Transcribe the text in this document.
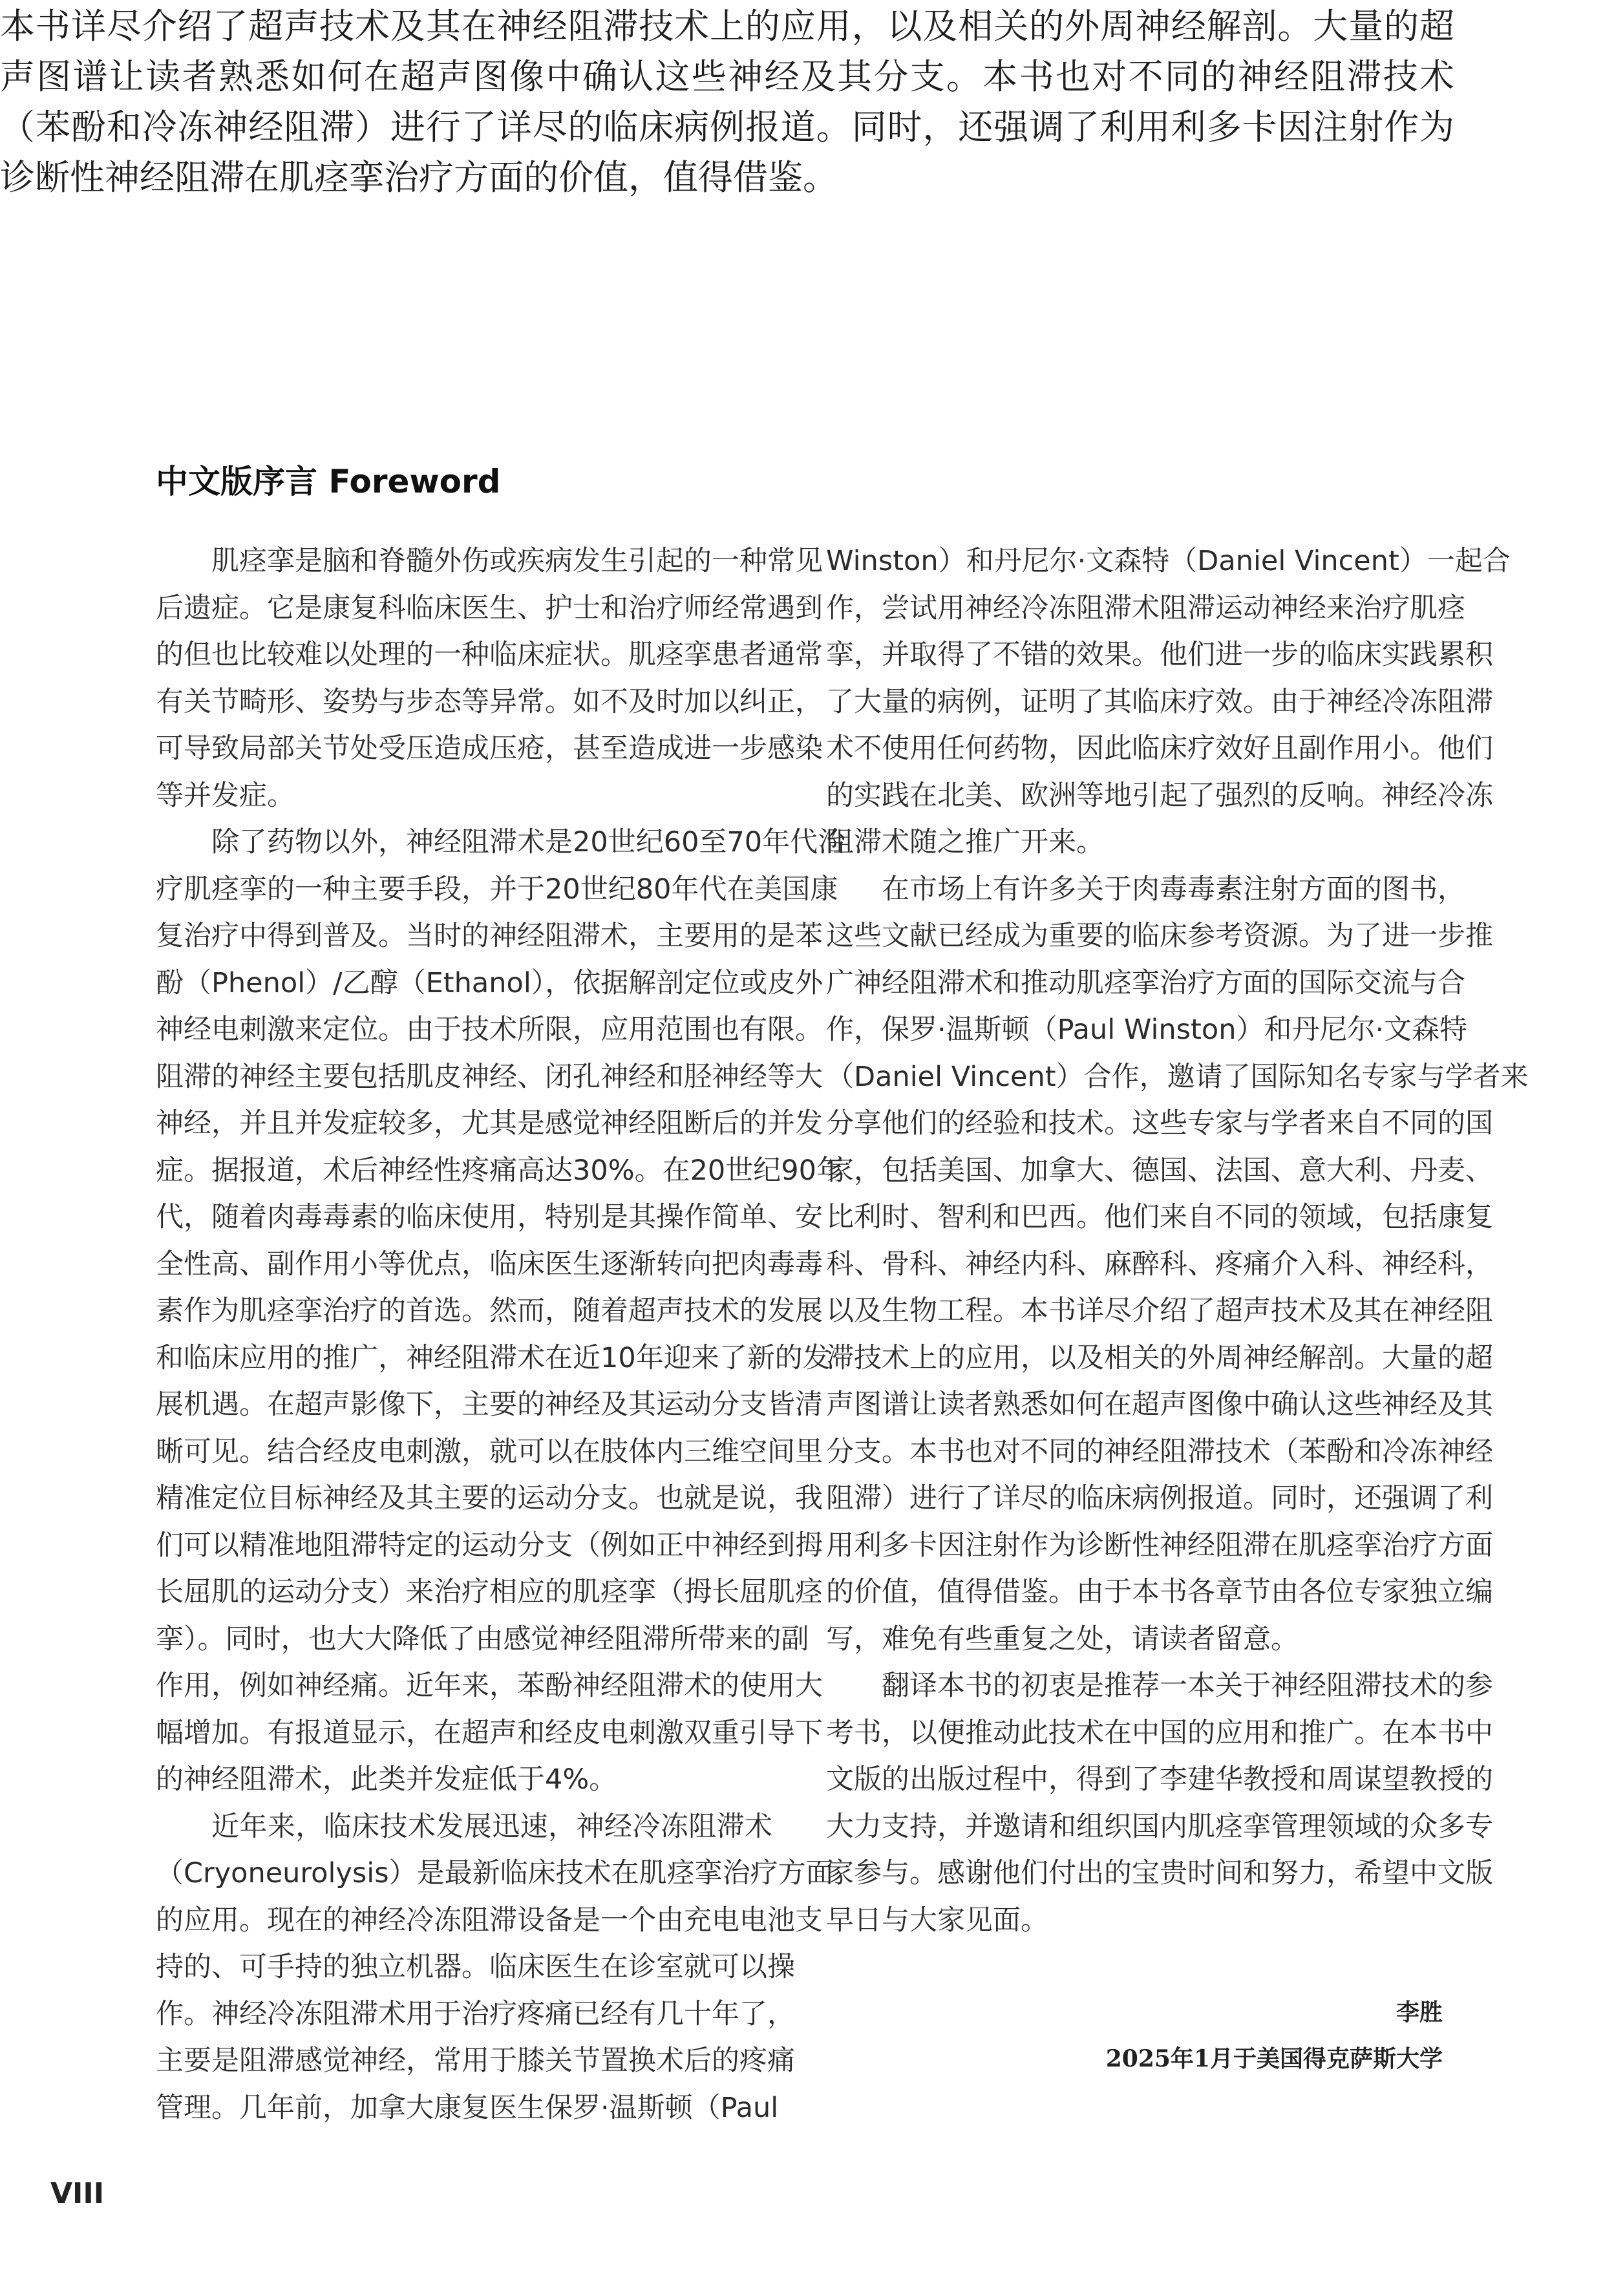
本书详尽介绍了超声技术及其在神经阻滞技术上的应用，以及相关的外周神经解剖。大量的超
声图谱让读者熟悉如何在超声图像中确认这些神经及其分支。本书也对不同的神经阻滞技术
（苯酚和冷冻神经阻滞）进行了详尽的临床病例报道。同时，还强调了利用利多卡因注射作为
诊断性神经阻滞在肌痉挛治疗方面的价值，值得借鉴。
中文版序言 Foreword
肌痉挛是脑和脊髓外伤或疾病发生引起的一种常见
后遗症。它是康复科临床医生、护士和治疗师经常遇到
的但也比较难以处理的一种临床症状。肌痉挛患者通常
有关节畸形、姿势与步态等异常。如不及时加以纠正，
可导致局部关节处受压造成压疮，甚至造成进一步感染
等并发症。
除了药物以外，神经阻滞术是20世纪60至70年代治
疗肌痉挛的一种主要手段，并于20世纪80年代在美国康
复治疗中得到普及。当时的神经阻滞术，主要用的是苯
酚（Phenol）/乙醇（Ethanol），依据解剖定位或皮外
神经电刺激来定位。由于技术所限，应用范围也有限。
阻滞的神经主要包括肌皮神经、闭孔神经和胫神经等大
神经，并且并发症较多，尤其是感觉神经阻断后的并发
症。据报道，术后神经性疼痛高达30%。在20世纪90年
代，随着肉毒毒素的临床使用，特别是其操作简单、安
全性高、副作用小等优点，临床医生逐渐转向把肉毒毒
素作为肌痉挛治疗的首选。然而，随着超声技术的发展
和临床应用的推广，神经阻滞术在近10年迎来了新的发
展机遇。在超声影像下，主要的神经及其运动分支皆清
晰可见。结合经皮电刺激，就可以在肢体内三维空间里
精准定位目标神经及其主要的运动分支。也就是说，我
们可以精准地阻滞特定的运动分支（例如正中神经到拇
长屈肌的运动分支）来治疗相应的肌痉挛（拇长屈肌痉
挛）。同时，也大大降低了由感觉神经阻滞所带来的副
作用，例如神经痛。近年来，苯酚神经阻滞术的使用大
幅增加。有报道显示，在超声和经皮电刺激双重引导下
的神经阻滞术，此类并发症低于4%。
近年来，临床技术发展迅速，神经冷冻阻滞术
（Cryoneurolysis）是最新临床技术在肌痉挛治疗方面
的应用。现在的神经冷冻阻滞设备是一个由充电电池支
持的、可手持的独立机器。临床医生在诊室就可以操
作。神经冷冻阻滞术用于治疗疼痛已经有几十年了，
主要是阻滞感觉神经，常用于膝关节置换术后的疼痛
管理。几年前，加拿大康复医生保罗·温斯顿（Paul
Winston）和丹尼尔·文森特（Daniel Vincent）一起合
作，尝试用神经冷冻阻滞术阻滞运动神经来治疗肌痉
挛，并取得了不错的效果。他们进一步的临床实践累积
了大量的病例，证明了其临床疗效。由于神经冷冻阻滞
术不使用任何药物，因此临床疗效好且副作用小。他们
的实践在北美、欧洲等地引起了强烈的反响。神经冷冻
阻滞术随之推广开来。
在市场上有许多关于肉毒毒素注射方面的图书，
这些文献已经成为重要的临床参考资源。为了进一步推
广神经阻滞术和推动肌痉挛治疗方面的国际交流与合
作，保罗·温斯顿（Paul Winston）和丹尼尔·文森特
（Daniel Vincent）合作，邀请了国际知名专家与学者来
分享他们的经验和技术。这些专家与学者来自不同的国
家，包括美国、加拿大、德国、法国、意大利、丹麦、
比利时、智利和巴西。他们来自不同的领域，包括康复
科、骨科、神经内科、麻醉科、疼痛介入科、神经科，
以及生物工程。本书详尽介绍了超声技术及其在神经阻
滞技术上的应用，以及相关的外周神经解剖。大量的超
声图谱让读者熟悉如何在超声图像中确认这些神经及其
分支。本书也对不同的神经阻滞技术（苯酚和冷冻神经
阻滞）进行了详尽的临床病例报道。同时，还强调了利
用利多卡因注射作为诊断性神经阻滞在肌痉挛治疗方面
的价值，值得借鉴。由于本书各章节由各位专家独立编
写，难免有些重复之处，请读者留意。
翻译本书的初衷是推荐一本关于神经阻滞技术的参
考书，以便推动此技术在中国的应用和推广。在本书中
文版的出版过程中，得到了李建华教授和周谋望教授的
大力支持，并邀请和组织国内肌痉挛管理领域的众多专
家参与。感谢他们付出的宝贵时间和努力，希望中文版
早日与大家见面。
李胜
2025年1月于美国得克萨斯大学
VIII
